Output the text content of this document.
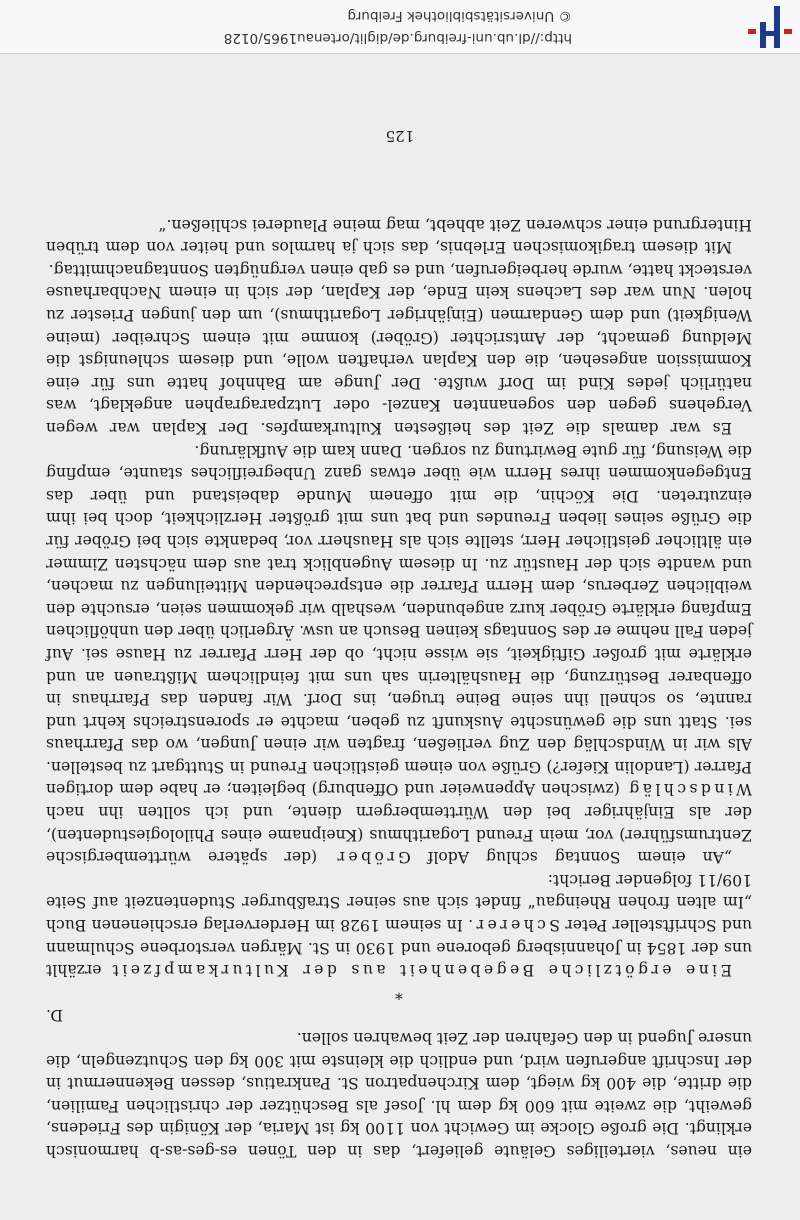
ein neues, vierteiliges Geläute geliefert, das in den Tönen es-ges-as-b harmonisch erklingt. Die große Glocke im Gewicht von 1100 kg ist Maria, der Königin des Friedens, geweiht, die zweite mit 600 kg dem hl. Josef als Beschützer der christlichen Familien, die dritte, die 400 kg wiegt, dem Kirchenpatron St. Pankratius, dessen Bekennermut in der Inschrift angerufen wird, und endlich die kleinste mit 300 kg den Schutzengeln, die unsere Jugend in den Gefahren der Zeit bewahren sollen.

D.

*

Eine ergötzliche Begebenheit aus der Kulturkampfzeit erzählt uns der 1854 in Johannisberg geborene und 1930 in St. Märgen verstorbene Schulmann und Schriftsteller Peter Scherer. In seinem 1928 im Herderverlag erschienenen Buch „Im alten frohen Rheingau“ findet sich aus seiner Straßburger Studentenzeit auf Seite 109/11 folgender Bericht:

„An einem Sonntag schlug Adolf Gröber (der spätere württembergische Zentrumsführer) vor, mein Freund Logarithmus (Kneipname eines Philologiestudenten), der als Einjähriger bei den Württembergern diente, und ich sollten ihn nach Windschläg (zwischen Appenweier und Offenburg) begleiten; er habe dem dortigen Pfarrer (Landolin Kiefer?) Grüße von einem geistlichen Freund in Stuttgart zu bestellen. Als wir in Windschläg den Zug verließen, fragten wir einen Jungen, wo das Pfarrhaus sei. Statt uns die gewünschte Auskunft zu geben, machte er sporenstreichs kehrt und rannte, so schnell ihn seine Beine trugen, ins Dorf. Wir fanden das Pfarrhaus in offenbarer Bestürzung, die Haushälterin sah uns mit feindlichem Mißtrauen an und erklärte mit großer Giftigkeit, sie wisse nicht, ob der Herr Pfarrer zu Hause sei. Auf jeden Fall nehme er des Sonntags keinen Besuch an usw. Ärgerlich über den unhöflichen Empfang erklärte Gröber kurz angebunden, weshalb wir gekommen seien, ersuchte den weiblichen Zerberus, dem Herrn Pfarrer die entsprechenden Mitteilungen zu machen, und wandte sich der Haustür zu. In diesem Augenblick trat aus dem nächsten Zimmer ein ältlicher geistlicher Herr, stellte sich als Hausherr vor, bedankte sich bei Gröber für die Grüße seines lieben Freundes und bat uns mit größter Herzlichkeit, doch bei ihm einzutreten. Die Köchin, die mit offenem Munde dabeistand und über das Entgegenkommen ihres Herrn wie über etwas ganz Unbegreifliches staunte, empfing die Weisung, für gute Bewirtung zu sorgen. Dann kam die Aufklärung.

Es war damals die Zeit des heißesten Kulturkampfes. Der Kaplan war wegen Vergehens gegen den sogenannten Kanzel- oder Lutzparagraphen angeklagt, was natürlich jedes Kind im Dorf wußte. Der Junge am Bahnhof hatte uns für eine Kommission angesehen, die den Kaplan verhaften wolle, und diesem schleunigst die Meldung gemacht, der Amtsrichter (Gröber) komme mit einem Schreiber (meine Wenigkeit) und dem Gendarmen (Einjähriger Logarithmus), um den jungen Priester zu holen. Nun war des Lachens kein Ende, der Kaplan, der sich in einem Nachbarhause versteckt hatte, wurde herbeigerufen, und es gab einen vergnügten Sonntagnachmittag.

Mit diesem tragikomischen Erlebnis, das sich ja harmlos und heiter von dem trüben Hintergrund einer schweren Zeit abhebt, mag meine Plauderei schließen.“

125
http://dl.ub.uni-freiburg.de/diglit/ortenau1965/0128
© Universitätsbibliothek Freiburg
